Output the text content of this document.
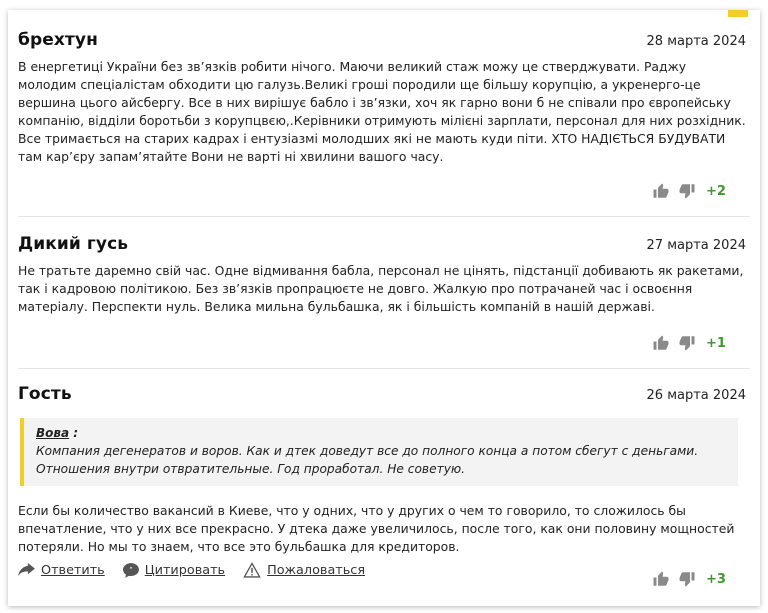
брехтун	28 марта 2024
В енергетиці України без зв’язків робити нічого. Маючи великий стаж можу це стверджувати. Раджу молодим спеціалістам обходити цю галузь.Великі гроші породили ще більшу корупцію, а укренерго-це вершина цього айсбергу. Все в них вирішує бабло і зв’язки, хоч як гарно вони б не співали про європейську компанію, відділи боротьби з корупцвєю,.Керівники отримують мілієні зарплати, персонал для них розхідник. Все тримається на старих кадрах і ентузіазмі молодших які не мають куди піти. ХТО НАДІЄТЬСЯ БУДУВАТИ там кар’єру запам’ятайте Вони не варті ні хвилини вашого часу.
+2
Дикий гусь	27 марта 2024
Не тратьте даремно свій час. Одне відмивання бабла, персонал не цінять, підстанції добивають як ракетами, так і кадровою політикою. Без зв’язків пропрацюєте не довго. Жалкую про потрачаней час і освоєння матеріалу. Перспекти нуль. Велика мильна бульбашка, як і більшість компаній в нашій державі.
+1
Гость	26 марта 2024
Вова :
Компания дегенератов и воров. Как и дтек доведут все до полного конца а потом сбегут с деньгами. Отношения внутри отвратительные. Год проработал. Не советую.
Если бы количество вакансий в Киеве, что у одних, что у других о чем то говорило, то сложилось бы впечатление, что у них все прекрасно. У дтека даже увеличилось, после того, как они половину мощностей потеряли. Но мы то знаем, что все это бульбашка для кредиторов.
Ответить ” Цитировать	Пожаловаться
+3
